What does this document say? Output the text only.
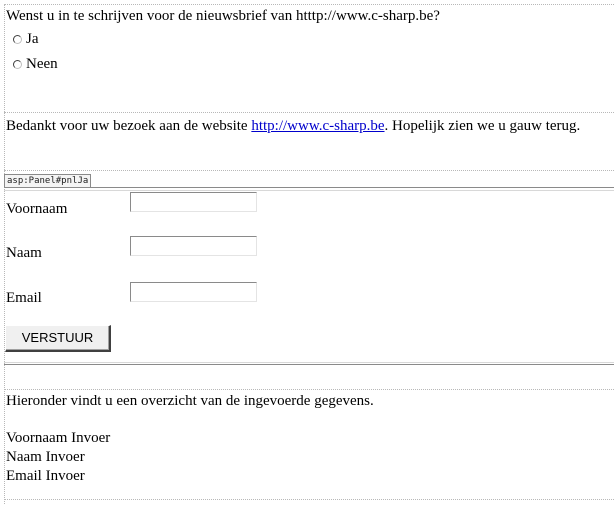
Wenst u in te schrijven voor de nieuwsbrief van htttp://www.c-sharp.be?
Ja
Neen
Bedankt voor uw bezoek aan de website http://www.c-sharp.be. Hopelijk zien we u gauw terug.
asp:Panel#pnlJa
Voornaam
Naam
Email
VERSTUUR
Hieronder vindt u een overzicht van de ingevoerde gegevens.
Voornaam Invoer
Naam Invoer
Email Invoer
